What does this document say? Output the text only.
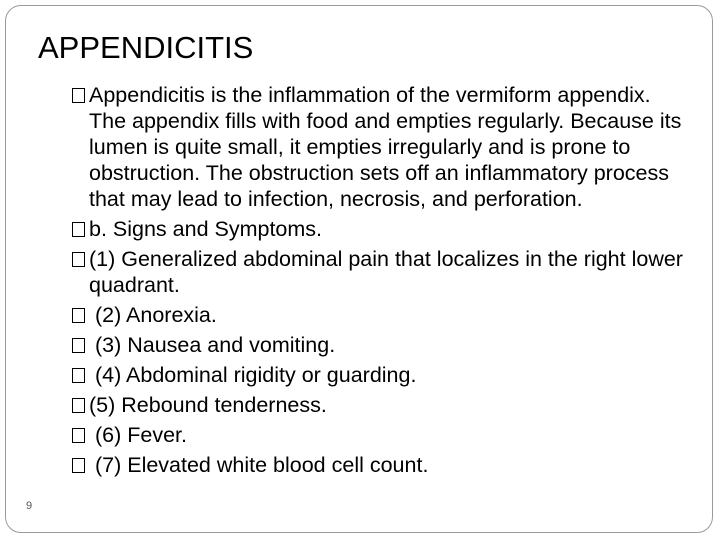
APPENDICITIS
Appendicitis is the inflammation of the vermiform appendix. The appendix fills with food and empties regularly. Because its lumen is quite small, it empties irregularly and is prone to obstruction. The obstruction sets off an inflammatory process that may lead to infection, necrosis, and perforation.
b. Signs and Symptoms.
(1) Generalized abdominal pain that localizes in the right lower quadrant.
(2) Anorexia.
(3) Nausea and vomiting.
(4) Abdominal rigidity or guarding.
(5) Rebound tenderness.
(6) Fever.
(7) Elevated white blood cell count.
9
